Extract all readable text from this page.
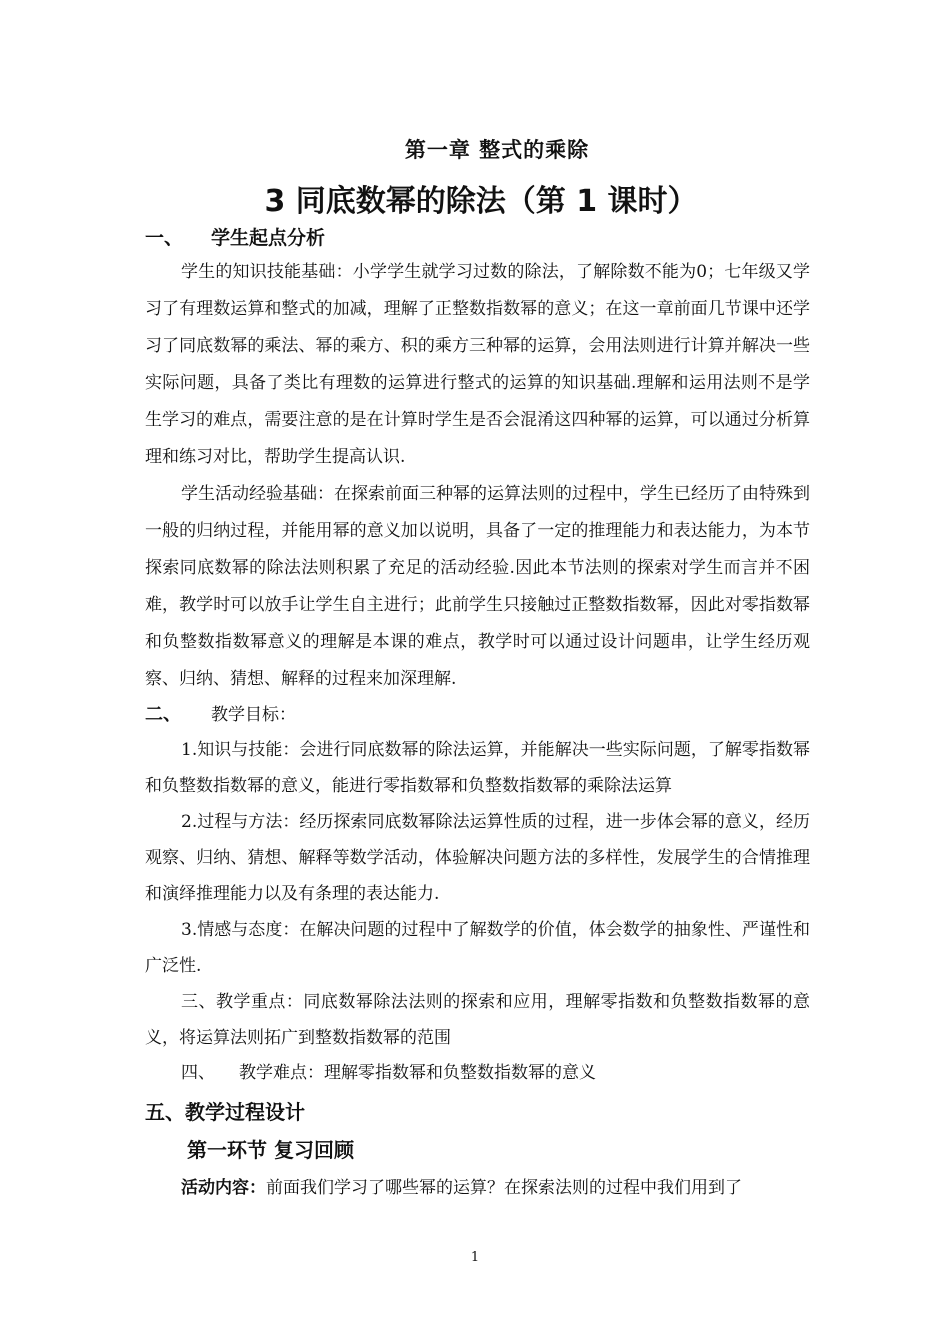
第一章 整式的乘除
3 同底数幂的除法（第 1 课时）
一、 学生起点分析

学生的知识技能基础：小学学生就学习过数的除法，了解除数不能为0；七年级又学习了有理数运算和整式的加减，理解了正整数指数幂的意义；在这一章前面几节课中还学习了同底数幂的乘法、幂的乘方、积的乘方三种幂的运算，会用法则进行计算并解决一些实际问题，具备了类比有理数的运算进行整式的运算的知识基础.理解和运用法则不是学生学习的难点，需要注意的是在计算时学生是否会混淆这四种幂的运算，可以通过分析算理和练习对比，帮助学生提高认识.

学生活动经验基础：在探索前面三种幂的运算法则的过程中，学生已经历了由特殊到一般的归纳过程，并能用幂的意义加以说明，具备了一定的推理能力和表达能力，为本节探索同底数幂的除法法则积累了充足的活动经验.因此本节法则的探索对学生而言并不困难，教学时可以放手让学生自主进行；此前学生只接触过正整数指数幂，因此对零指数幂和负整数指数幂意义的理解是本课的难点，教学时可以通过设计问题串，让学生经历观察、归纳、猜想、解释的过程来加深理解.

二、 教学目标：

1.知识与技能：会进行同底数幂的除法运算，并能解决一些实际问题，了解零指数幂和负整数指数幂的意义，能进行零指数幂和负整数指数幂的乘除法运算

2.过程与方法：经历探索同底数幂除法运算性质的过程，进一步体会幂的意义，经历观察、归纳、猜想、解释等数学活动，体验解决问题方法的多样性，发展学生的合情推理和演绎推理能力以及有条理的表达能力.

3.情感与态度：在解决问题的过程中了解数学的价值，体会数学的抽象性、严谨性和广泛性.

三、教学重点：同底数幂除法法则的探索和应用，理解零指数和负整数指数幂的意义，将运算法则拓广到整数指数幂的范围

四、 教学难点：理解零指数幂和负整数指数幂的意义
五、教学过程设计
第一环节 复习回顾

活动内容：前面我们学习了哪些幂的运算？在探索法则的过程中我们用到了

1
